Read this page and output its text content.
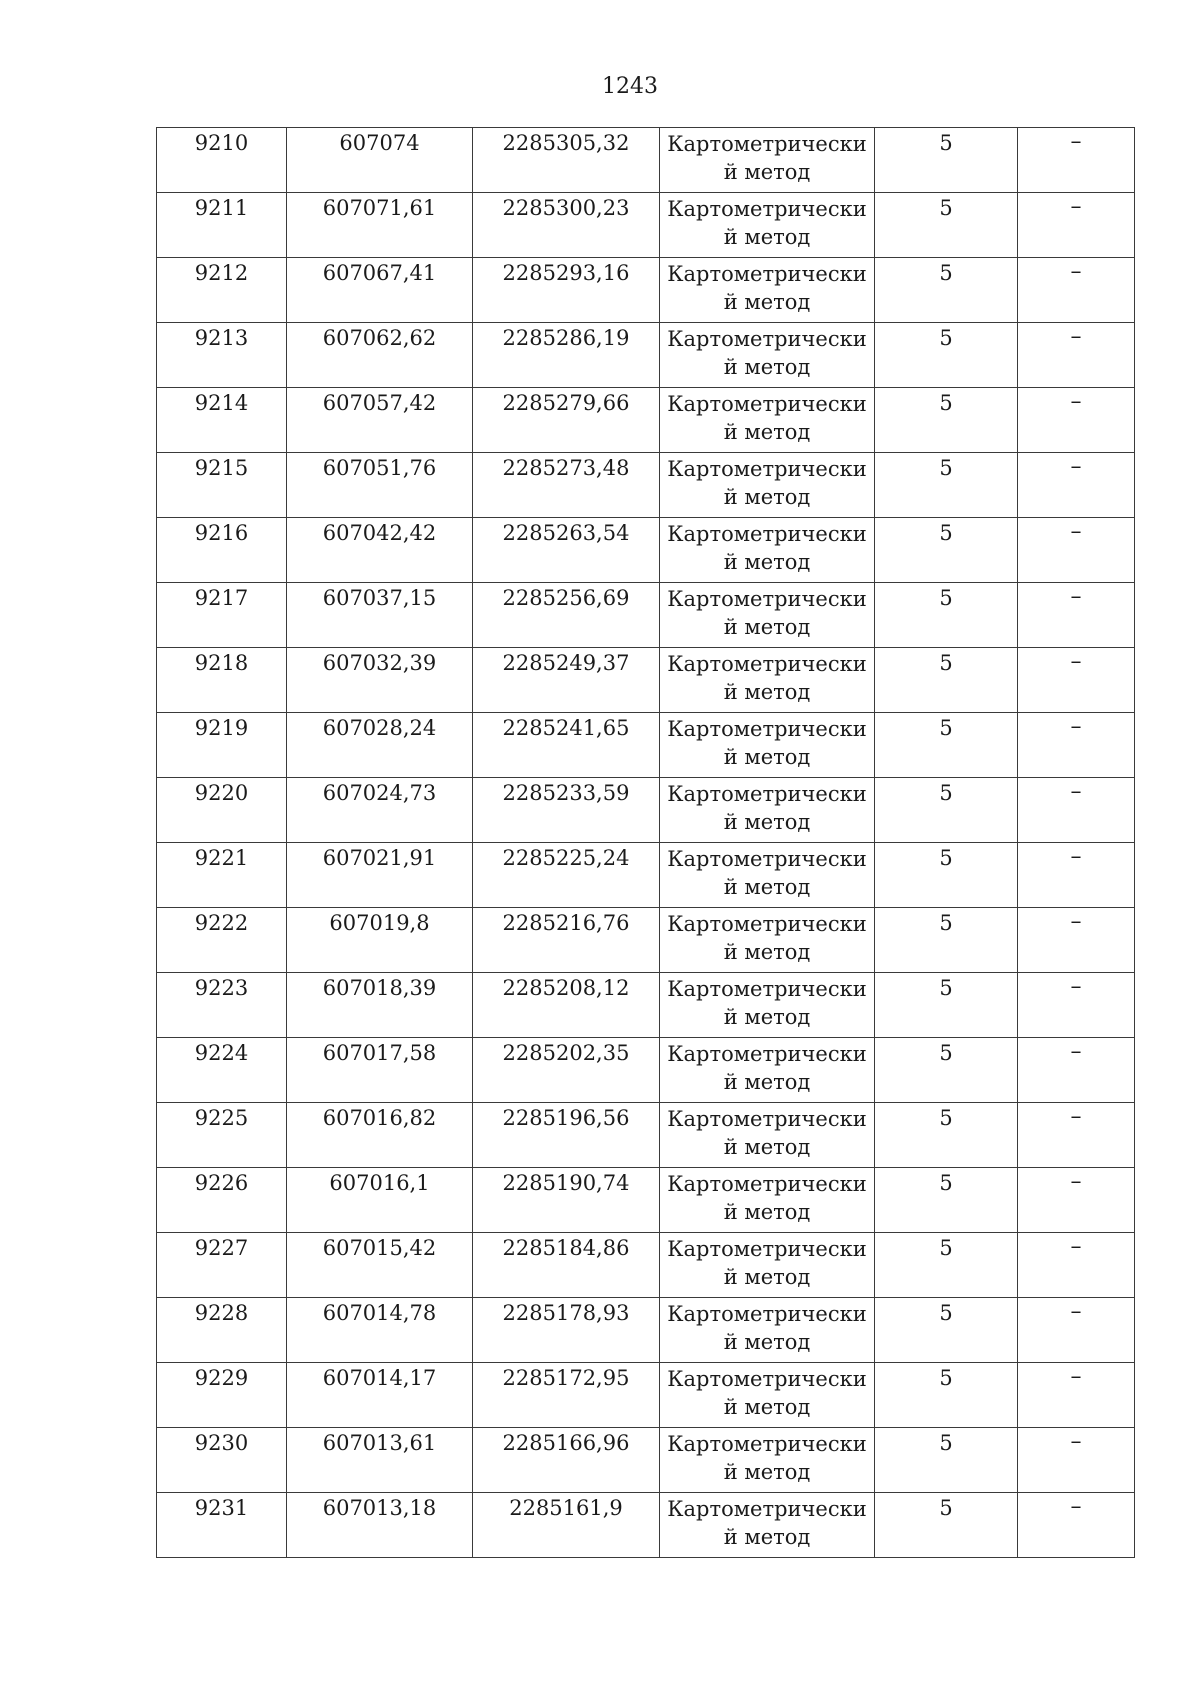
1243
9210	607074	2285305,32	Картометрически
й метод	5	–

9211	607071,61	2285300,23	Картометрически
й метод	5	–

9212	607067,41	2285293,16	Картометрически
й метод	5	–

9213	607062,62	2285286,19	Картометрически
й метод	5	–

9214	607057,42	2285279,66	Картометрически
й метод	5	–

9215	607051,76	2285273,48	Картометрически
й метод	5	–

9216	607042,42	2285263,54	Картометрически
й метод	5	–

9217	607037,15	2285256,69	Картометрически
й метод	5	–

9218	607032,39	2285249,37	Картометрически
й метод	5	–

9219	607028,24	2285241,65	Картометрически
й метод	5	–

9220	607024,73	2285233,59	Картометрически
й метод	5	–

9221	607021,91	2285225,24	Картометрически
й метод	5	–

9222	607019,8	2285216,76	Картометрически
й метод	5	–

9223	607018,39	2285208,12	Картометрически
й метод	5	–

9224	607017,58	2285202,35	Картометрически
й метод	5	–

9225	607016,82	2285196,56	Картометрически
й метод	5	–

9226	607016,1	2285190,74	Картометрически
й метод	5	–

9227	607015,42	2285184,86	Картометрически
й метод	5	–

9228	607014,78	2285178,93	Картометрически
й метод	5	–

9229	607014,17	2285172,95	Картометрически
й метод	5	–

9230	607013,61	2285166,96	Картометрически
й метод	5	–

9231	607013,18	2285161,9	Картометрически
й метод	5	–
